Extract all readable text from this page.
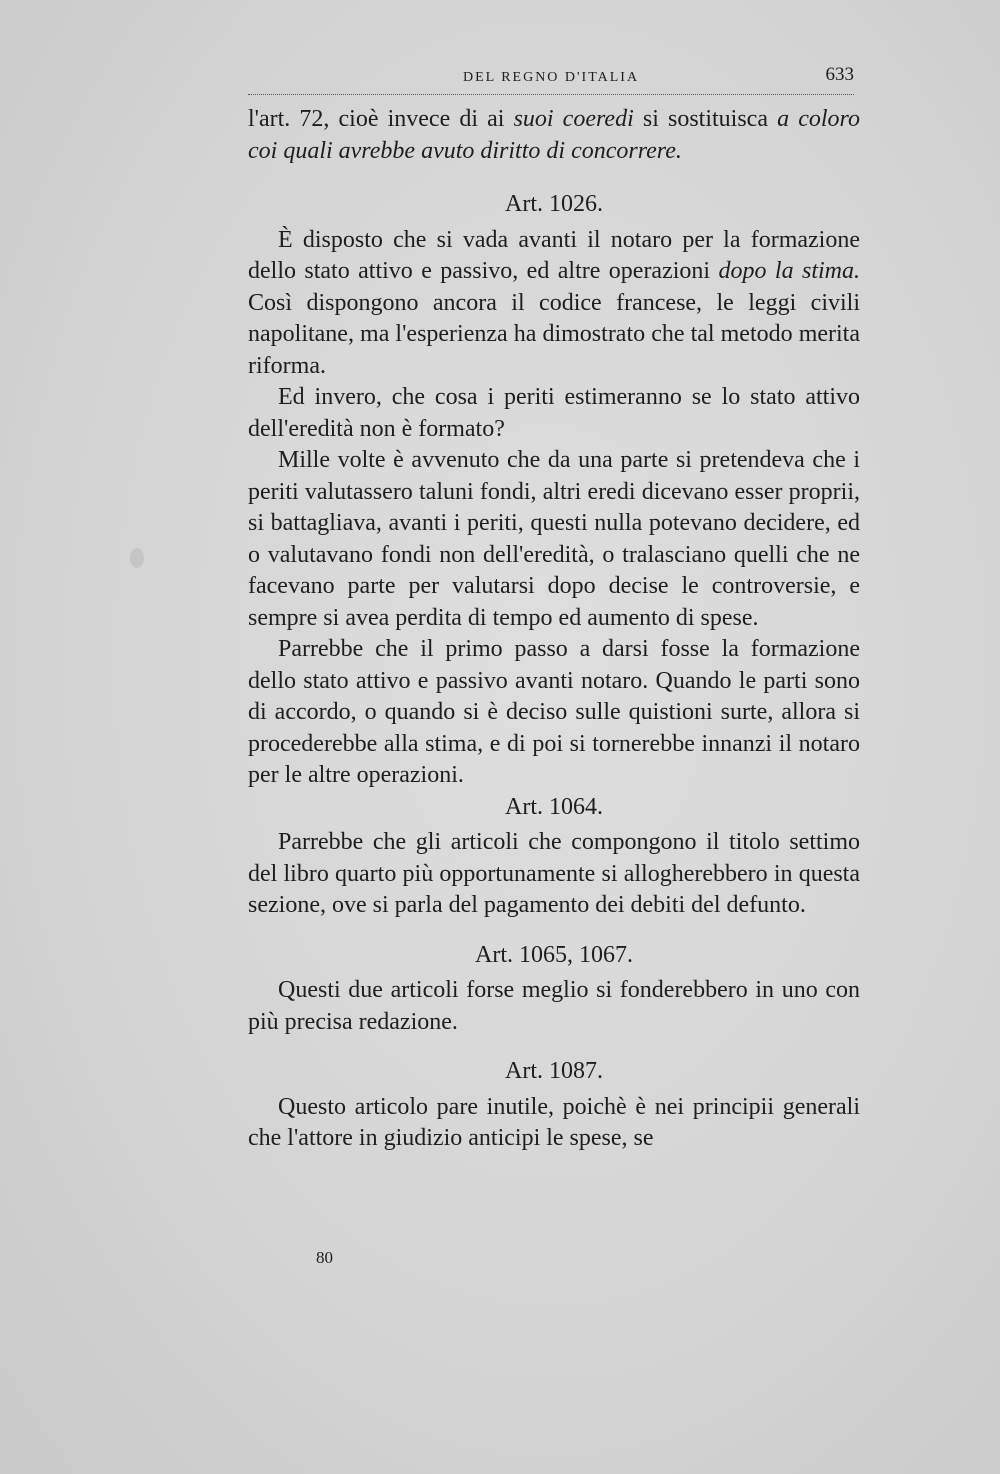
DEL REGNO D'ITALIA	633

l'art. 72, cioè invece di ai suoi coeredi si sostituisca a coloro coi quali avrebbe avuto diritto di concorrere.

Art. 1026.

È disposto che si vada avanti il notaro per la formazione dello stato attivo e passivo, ed altre operazioni dopo la stima. Così dispongono ancora il codice francese, le leggi civili napolitane, ma l'esperienza ha dimostrato che tal metodo merita riforma.

Ed invero, che cosa i periti estimeranno se lo stato attivo dell'eredità non è formato?

Mille volte è avvenuto che da una parte si pretendeva che i periti valutassero taluni fondi, altri eredi dicevano esser proprii, si battagliava, avanti i periti, questi nulla potevano decidere, ed o valutavano fondi non dell'eredità, o tralasciano quelli che ne facevano parte per valutarsi dopo decise le controversie, e sempre si avea perdita di tempo ed aumento di spese.

Parrebbe che il primo passo a darsi fosse la formazione dello stato attivo e passivo avanti notaro. Quando le parti sono di accordo, o quando si è deciso sulle quistioni surte, allora si procederebbe alla stima, e di poi si tornerebbe innanzi il notaro per le altre operazioni.

Art. 1064.

Parrebbe che gli articoli che compongono il titolo settimo del libro quarto più opportunamente si allogherebbero in questa sezione, ove si parla del pagamento dei debiti del defunto.

Art. 1065, 1067.

Questi due articoli forse meglio si fonderebbero in uno con più precisa redazione.

Art. 1087.

Questo articolo pare inutile, poichè è nei principii generali che l'attore in giudizio anticipi le spese, se

80
